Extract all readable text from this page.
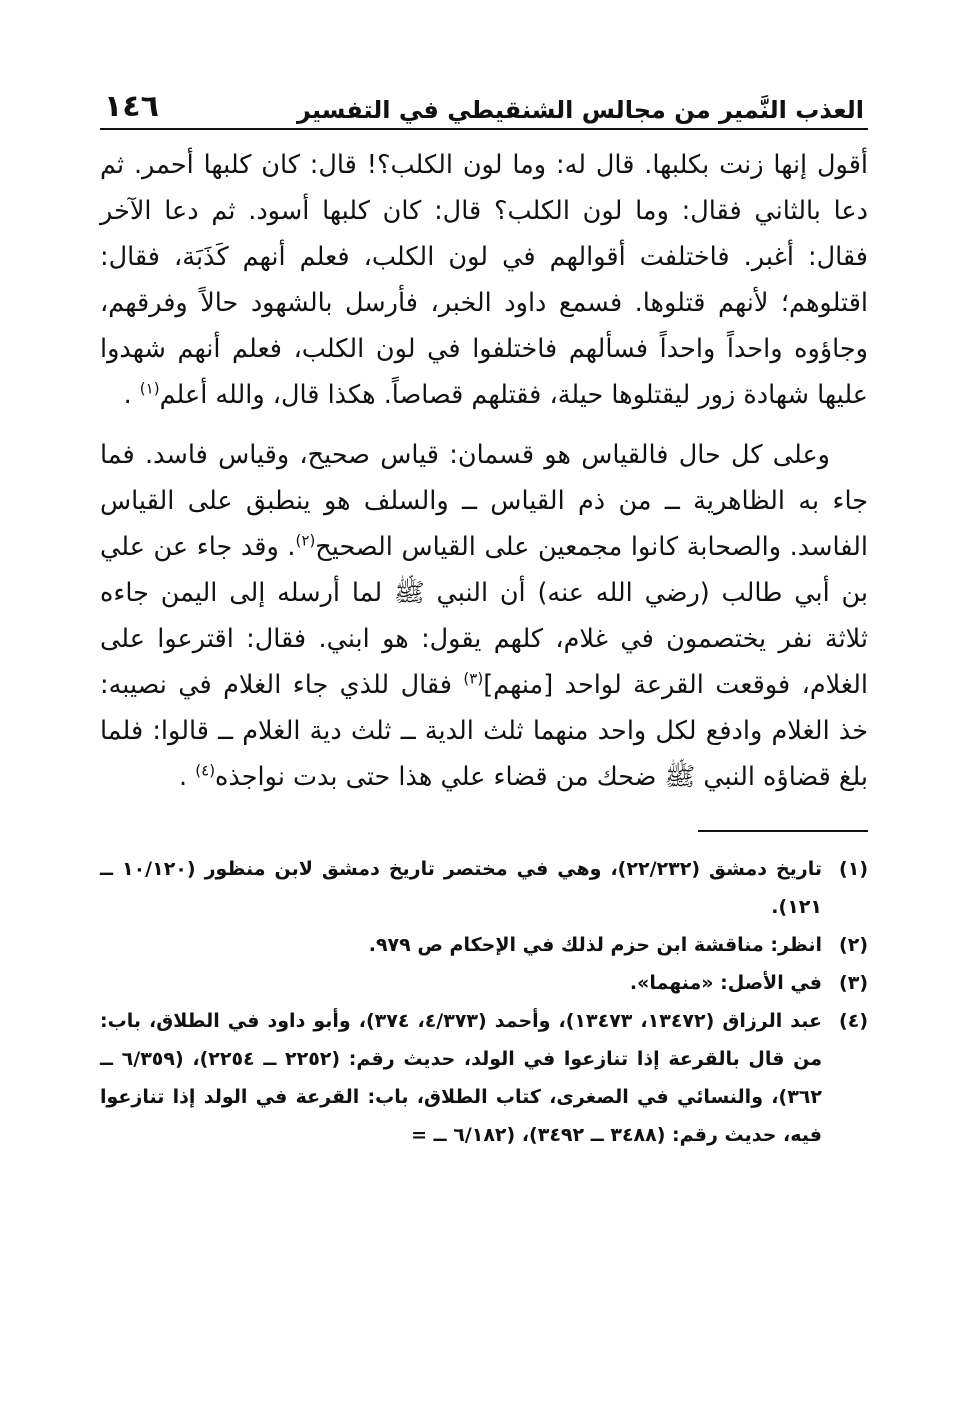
العذب النَّمير من مجالس الشنقيطي في التفسير
١٤٦

أقول إنها زنت بكلبها. قال له: وما لون الكلب؟! قال: كان كلبها أحمر. ثم دعا بالثاني فقال: وما لون الكلب؟ قال: كان كلبها أسود. ثم دعا الآخر فقال: أغبر. فاختلفت أقوالهم في لون الكلب، فعلم أنهم كَذَبَة، فقال: اقتلوهم؛ لأنهم قتلوها. فسمع داود الخبر، فأرسل بالشهود حالاً وفرقهم، وجاؤوه واحداً واحداً فسألهم فاختلفوا في لون الكلب، فعلم أنهم شهدوا عليها شهادة زور ليقتلوها حيلة، فقتلهم قصاصاً. هكذا قال، والله أعلم$^{(١)}$ .

وعلى كل حال فالقياس هو قسمان: قياس صحيح، وقياس فاسد. فما جاء به الظاهرية ــ من ذم القياس ــ والسلف هو ينطبق على القياس الفاسد. والصحابة كانوا مجمعين على القياس الصحيح$^{(٢)}$. وقد جاء عن علي بن أبي طالب (رضي الله عنه) أن النبي ﷺ لما أرسله إلى اليمن جاءه ثلاثة نفر يختصمون في غلام، كلهم يقول: هو ابني. فقال: اقترعوا على الغلام، فوقعت القرعة لواحد [منهم]$^{(٣)}$ فقال للذي جاء الغلام في نصيبه: خذ الغلام وادفع لكل واحد منهما ثلث الدية ــ ثلث دية الغلام ــ قالوا: فلما بلغ قضاؤه النبي ﷺ ضحك من قضاء علي هذا حتى بدت نواجذه$^{(٤)}$ .

(١)
تاريخ دمشق (٢٢/٢٣٢)، وهي في مختصر تاريخ دمشق لابن منظور (١٠/١٢٠ ــ ١٢١).
(٢)
انظر: مناقشة ابن حزم لذلك في الإحكام ص ٩٧٩.
(٣)
في الأصل: «منهما».
(٤)
عبد الرزاق (١٣٤٧٢، ١٣٤٧٣)، وأحمد (٤/٣٧٣، ٣٧٤)، وأبو داود في الطلاق، باب: من قال بالقرعة إذا تنازعوا في الولد، حديث رقم: (٢٢٥٢ ــ ٢٢٥٤)، (٦/٣٥٩ ــ ٣٦٢)، والنسائي في الصغرى، كتاب الطلاق، باب: القرعة في الولد إذا تنازعوا فيه، حديث رقم: (٣٤٨٨ ــ ٣٤٩٢)، (٦/١٨٢ ــ =
